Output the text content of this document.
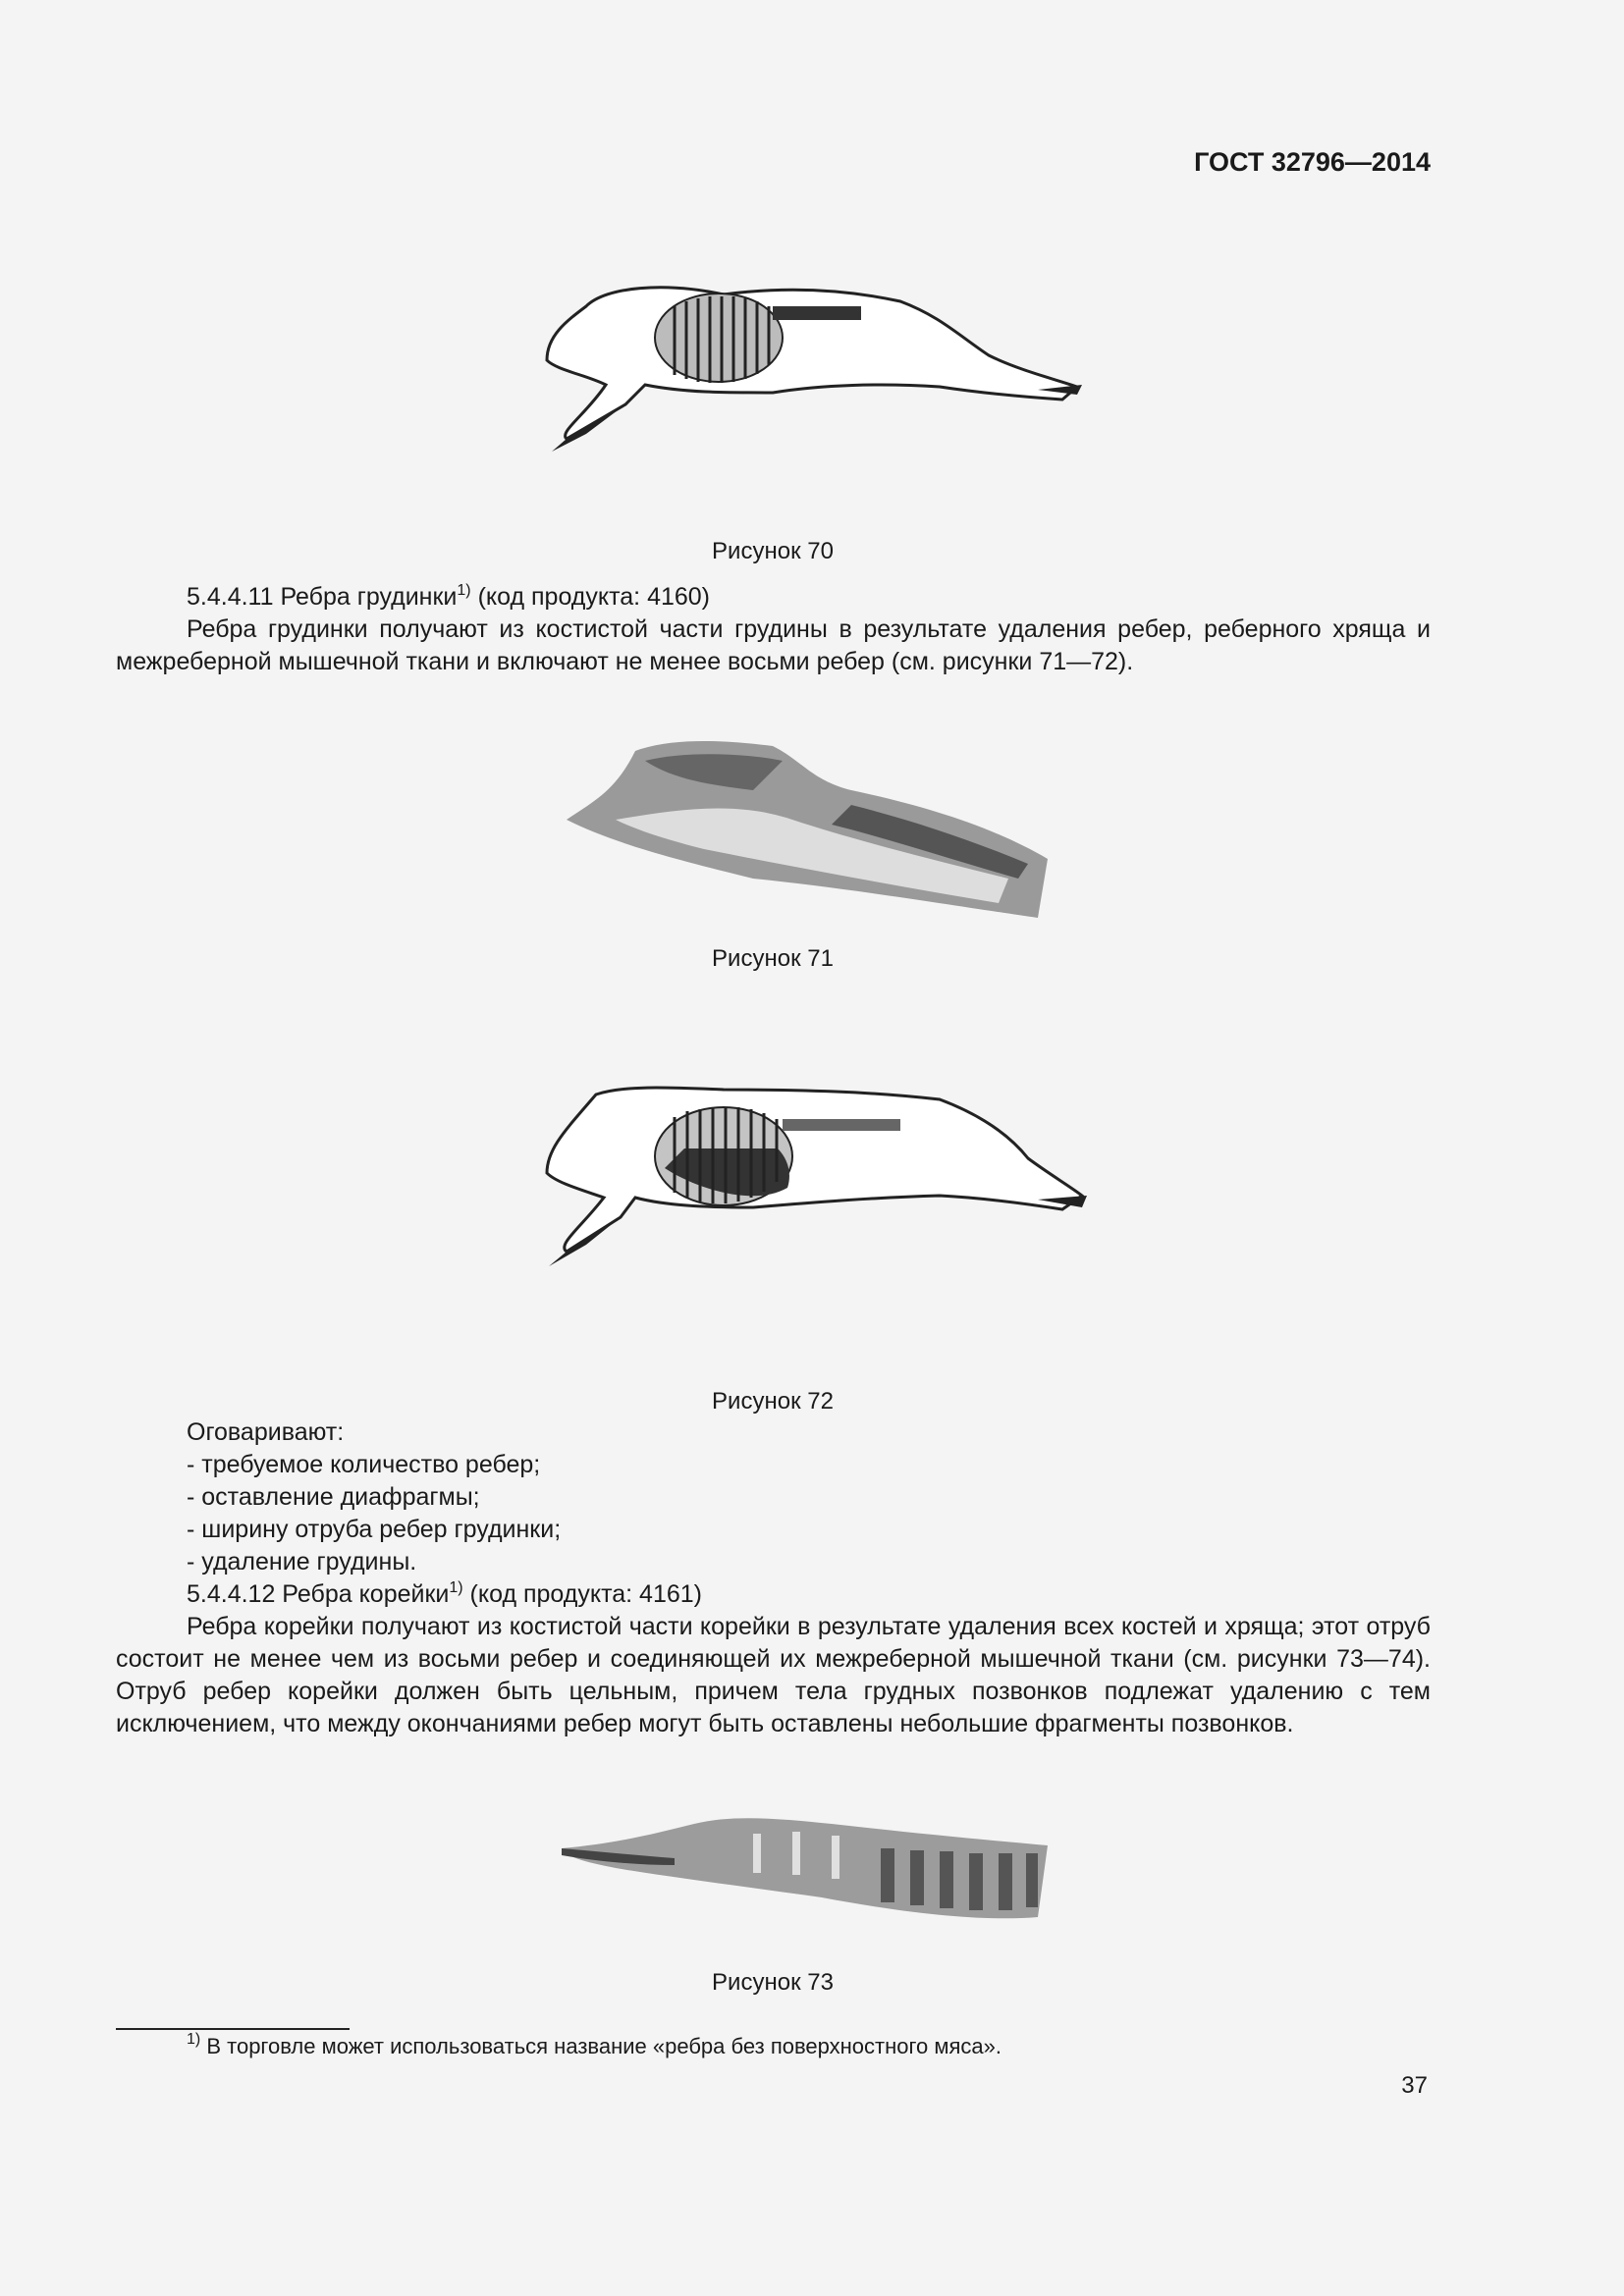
ГОСТ 32796—2014
Рисунок 70

5.4.4.11 Ребра грудинки$^{1)}$ (код продукта: 4160)

Ребра грудинки получают из костистой части грудины в результате удаления ребер, реберного хряща и межреберной мышечной ткани и включают не менее восьми ребер (см. рисунки 71—72).

Рисунок 71
Рисунок 72

Оговаривают:

- требуемое количество ребер;
- оставление диафрагмы;
- ширину отруба ребер грудинки;
- удаление грудины.

5.4.4.12 Ребра корейки$^{1)}$ (код продукта: 4161)

Ребра корейки получают из костистой части корейки в результате удаления всех костей и хряща; этот отруб состоит не менее чем из восьми ребер и соединяющей их межреберной мышечной ткани (см. рисунки 73—74). Отруб ребер корейки должен быть цельным, причем тела грудных позвонков подлежат удалению с тем исключением, что между окончаниями ребер могут быть оставлены небольшие фрагменты позвонков.

Рисунок 73
$^{1)}$ В торговле может использоваться название «ребра без поверхностного мяса».
37
